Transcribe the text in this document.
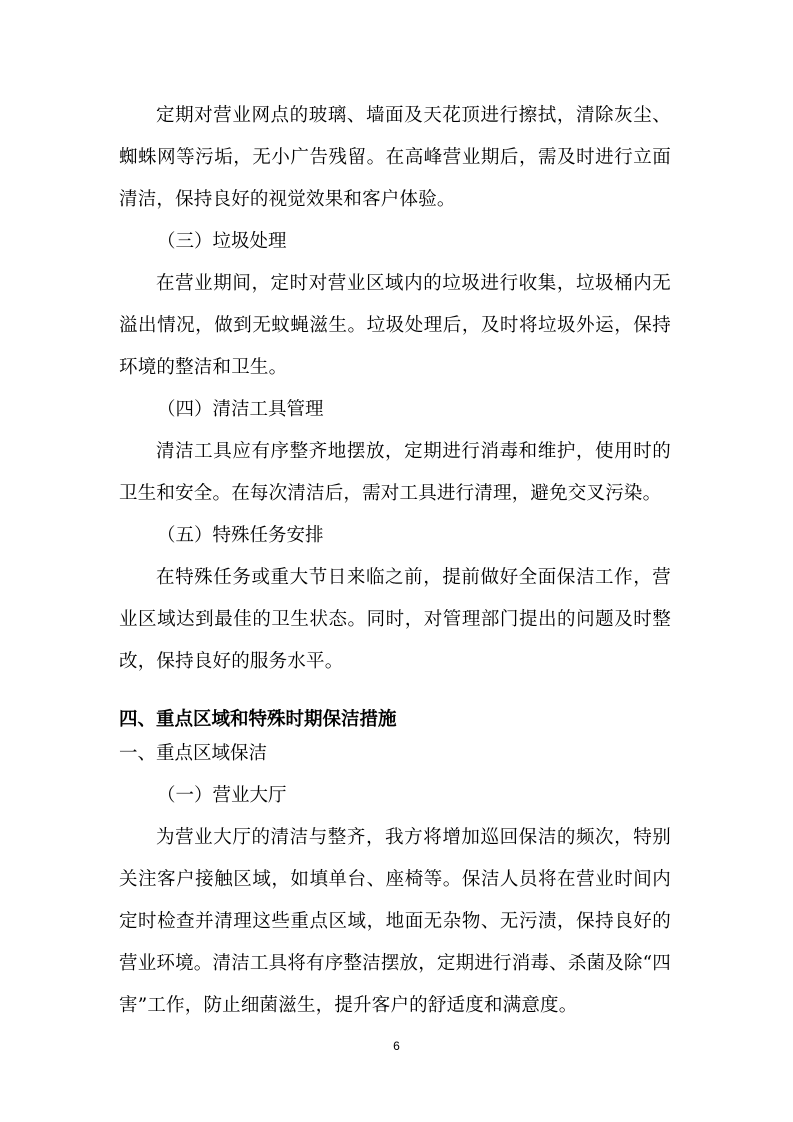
定期对营业网点的玻璃、墙面及天花顶进行擦拭，清除灰尘、蜘蛛网等污垢，无小广告残留。在高峰营业期后，需及时进行立面清洁，保持良好的视觉效果和客户体验。

（三）垃圾处理

在营业期间，定时对营业区域内的垃圾进行收集，垃圾桶内无溢出情况，做到无蚊蝇滋生。垃圾处理后，及时将垃圾外运，保持环境的整洁和卫生。

（四）清洁工具管理

清洁工具应有序整齐地摆放，定期进行消毒和维护，使用时的卫生和安全。在每次清洁后，需对工具进行清理，避免交叉污染。

（五）特殊任务安排

在特殊任务或重大节日来临之前，提前做好全面保洁工作，营业区域达到最佳的卫生状态。同时，对管理部门提出的问题及时整改，保持良好的服务水平。

四、重点区域和特殊时期保洁措施

一、重点区域保洁

（一）营业大厅

为营业大厅的清洁与整齐，我方将增加巡回保洁的频次，特别关注客户接触区域，如填单台、座椅等。保洁人员将在营业时间内定时检查并清理这些重点区域，地面无杂物、无污渍，保持良好的营业环境。清洁工具将有序整洁摆放，定期进行消毒、杀菌及除“四害”工作，防止细菌滋生，提升客户的舒适度和满意度。

6
